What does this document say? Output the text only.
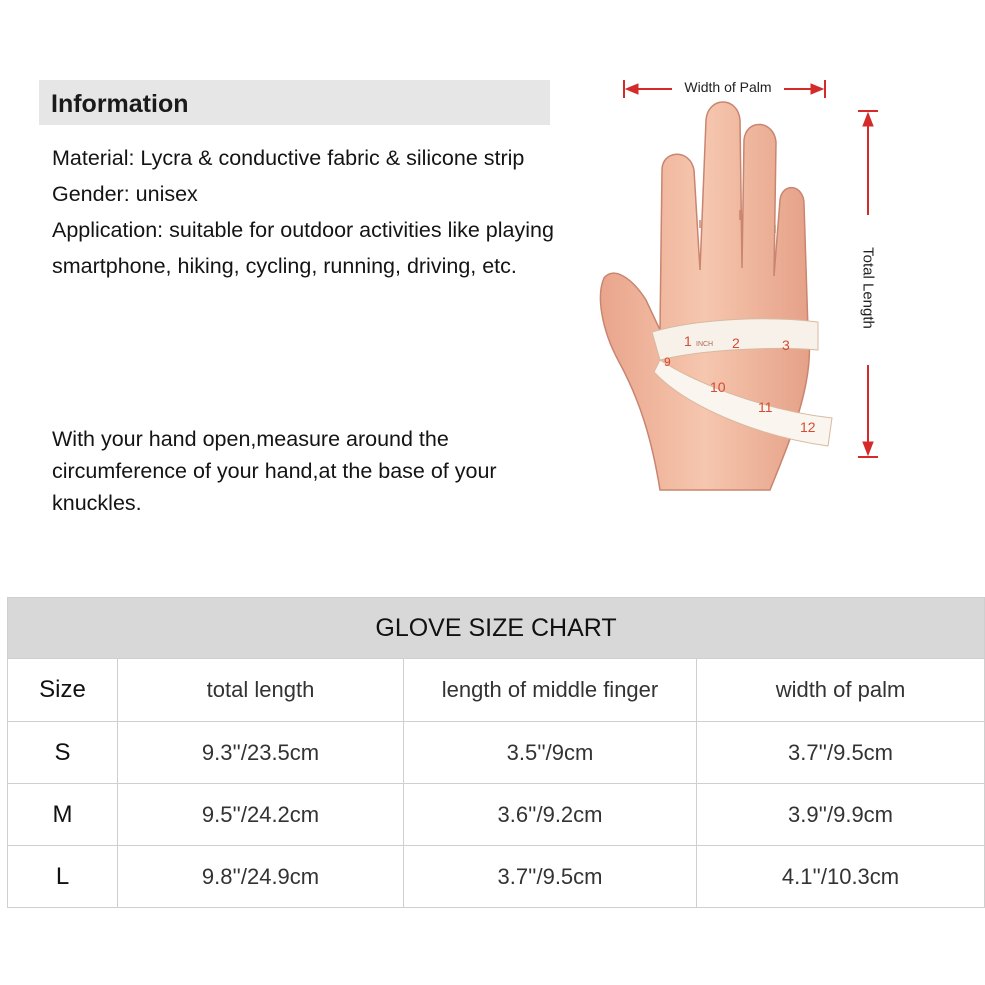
Information

Material: Lycra & conductive fabric & silicone strip

Gender: unisex

Application: suitable for outdoor activities like playing smartphone, hiking, cycling, running, driving, etc.

With your hand open,measure around the circumference of your hand,at the base of your knuckles.
1	2	3
9
10
11
12
INCH
Width of Palm
Total Length
GLOVE SIZE CHART			
Size	total length	length of middle finger	width of palm
S	9.3''/23.5cm	3.5''/9cm	3.7''/9.5cm
M	9.5''/24.2cm	3.6''/9.2cm	3.9''/9.9cm
L	9.8''/24.9cm	3.7''/9.5cm	4.1''/10.3cm
